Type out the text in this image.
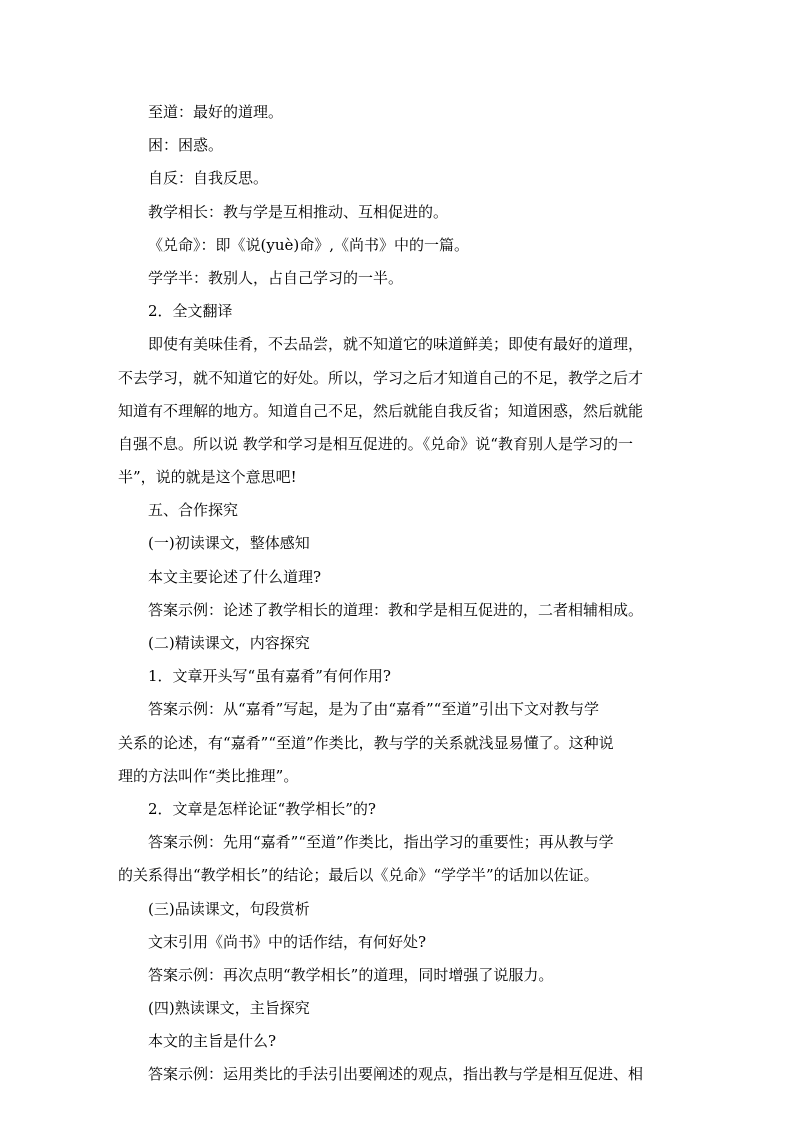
至道：最好的道理。
困：困惑。
自反：自我反思。
教学相长：教与学是互相推动、互相促进的。
《兑命》：即《说(yuè)命》,《尚书》中的一篇。
学学半：教别人，占自己学习的一半。
2．全文翻译
即使有美味佳肴，不去品尝，就不知道它的味道鲜美；即使有最好的道理，
不去学习，就不知道它的好处。所以，学习之后才知道自己的不足，教学之后才
知道有不理解的地方。知道自己不足，然后就能自我反省；知道困惑，然后就能
自强不息。所以说 教学和学习是相互促进的。《兑命》说“教育别人是学习的一
半”，说的就是这个意思吧!
五、合作探究
(一)初读课文，整体感知
本文主要论述了什么道理?
答案示例：论述了教学相长的道理：教和学是相互促进的，二者相辅相成。
(二)精读课文，内容探究
1．文章开头写“虽有嘉肴”有何作用?
答案示例：从“嘉肴”写起，是为了由“嘉肴”“至道”引出下文对教与学
关系的论述，有“嘉肴”“至道”作类比，教与学的关系就浅显易懂了。这种说
理的方法叫作“类比推理”。
2．文章是怎样论证“教学相长”的?
答案示例：先用“嘉肴”“至道”作类比，指出学习的重要性；再从教与学
的关系得出“教学相长”的结论；最后以《兑命》“学学半”的话加以佐证。
(三)品读课文，句段赏析
文末引用《尚书》中的话作结，有何好处?
答案示例：再次点明“教学相长”的道理，同时增强了说服力。
(四)熟读课文，主旨探究
本文的主旨是什么?
答案示例：运用类比的手法引出要阐述的观点，指出教与学是相互促进、相
